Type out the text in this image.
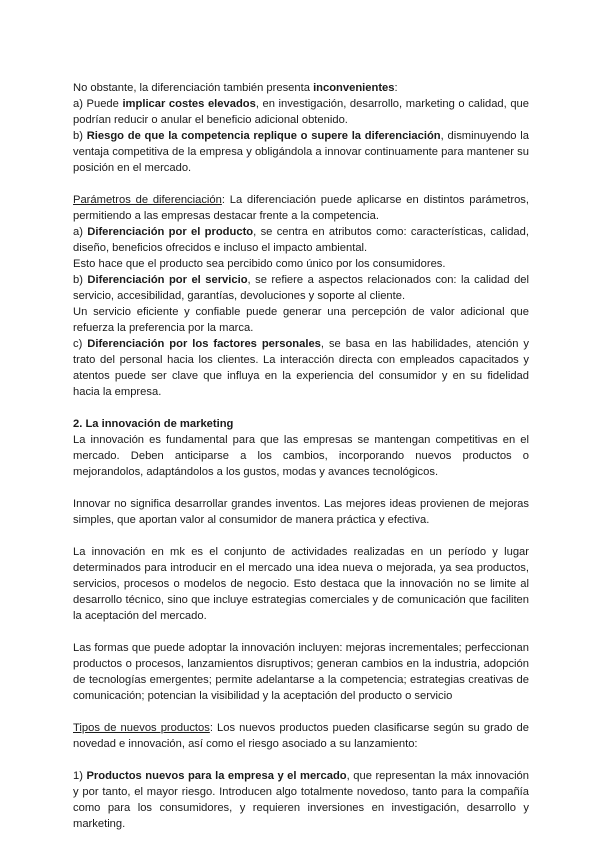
No obstante, la diferenciación también presenta inconvenientes:

a) Puede implicar costes elevados, en investigación, desarrollo, marketing o calidad, que podrían reducir o anular el beneficio adicional obtenido.

b) Riesgo de que la competencia replique o supere la diferenciación, disminuyendo la ventaja competitiva de la empresa y obligándola a innovar continuamente para mantener su posición en el mercado.

Parámetros de diferenciación: La diferenciación puede aplicarse en distintos parámetros, permitiendo a las empresas destacar frente a la competencia.

a) Diferenciación por el producto, se centra en atributos como: características, calidad, diseño, beneficios ofrecidos e incluso el impacto ambiental.

Esto hace que el producto sea percibido como único por los consumidores.

b) Diferenciación por el servicio, se refiere a aspectos relacionados con: la calidad del servicio, accesibilidad, garantías, devoluciones y soporte al cliente.

Un servicio eficiente y confiable puede generar una percepción de valor adicional que refuerza la preferencia por la marca.

c) Diferenciación por los factores personales, se basa en las habilidades, atención y trato del personal hacia los clientes. La interacción directa con empleados capacitados y atentos puede ser clave que influya en la experiencia del consumidor y en su fidelidad hacia la empresa.

2. La innovación de marketing

La innovación es fundamental para que las empresas se mantengan competitivas en el mercado. Deben anticiparse a los cambios, incorporando nuevos productos o mejorandolos, adaptándolos a los gustos, modas y avances tecnológicos.

Innovar no significa desarrollar grandes inventos. Las mejores ideas provienen de mejoras simples, que aportan valor al consumidor de manera práctica y efectiva.

La innovación en mk es el conjunto de actividades realizadas en un período y lugar determinados para introducir en el mercado una idea nueva o mejorada, ya sea productos, servicios, procesos o modelos de negocio. Esto destaca que la innovación no se limite al desarrollo técnico, sino que incluye estrategias comerciales y de comunicación que faciliten la aceptación del mercado.

Las formas que puede adoptar la innovación incluyen: mejoras incrementales; perfeccionan productos o procesos, lanzamientos disruptivos; generan cambios en la industria, adopción de tecnologías emergentes; permite adelantarse a la competencia; estrategias creativas de comunicación; potencian la visibilidad y la aceptación del producto o servicio

Tipos de nuevos productos: Los nuevos productos pueden clasificarse según su grado de novedad e innovación, así como el riesgo asociado a su lanzamiento:

1) Productos nuevos para la empresa y el mercado, que representan la máx innovación y por tanto, el mayor riesgo. Introducen algo totalmente novedoso, tanto para la compañía como para los consumidores, y requieren inversiones en investigación, desarrollo y marketing.
